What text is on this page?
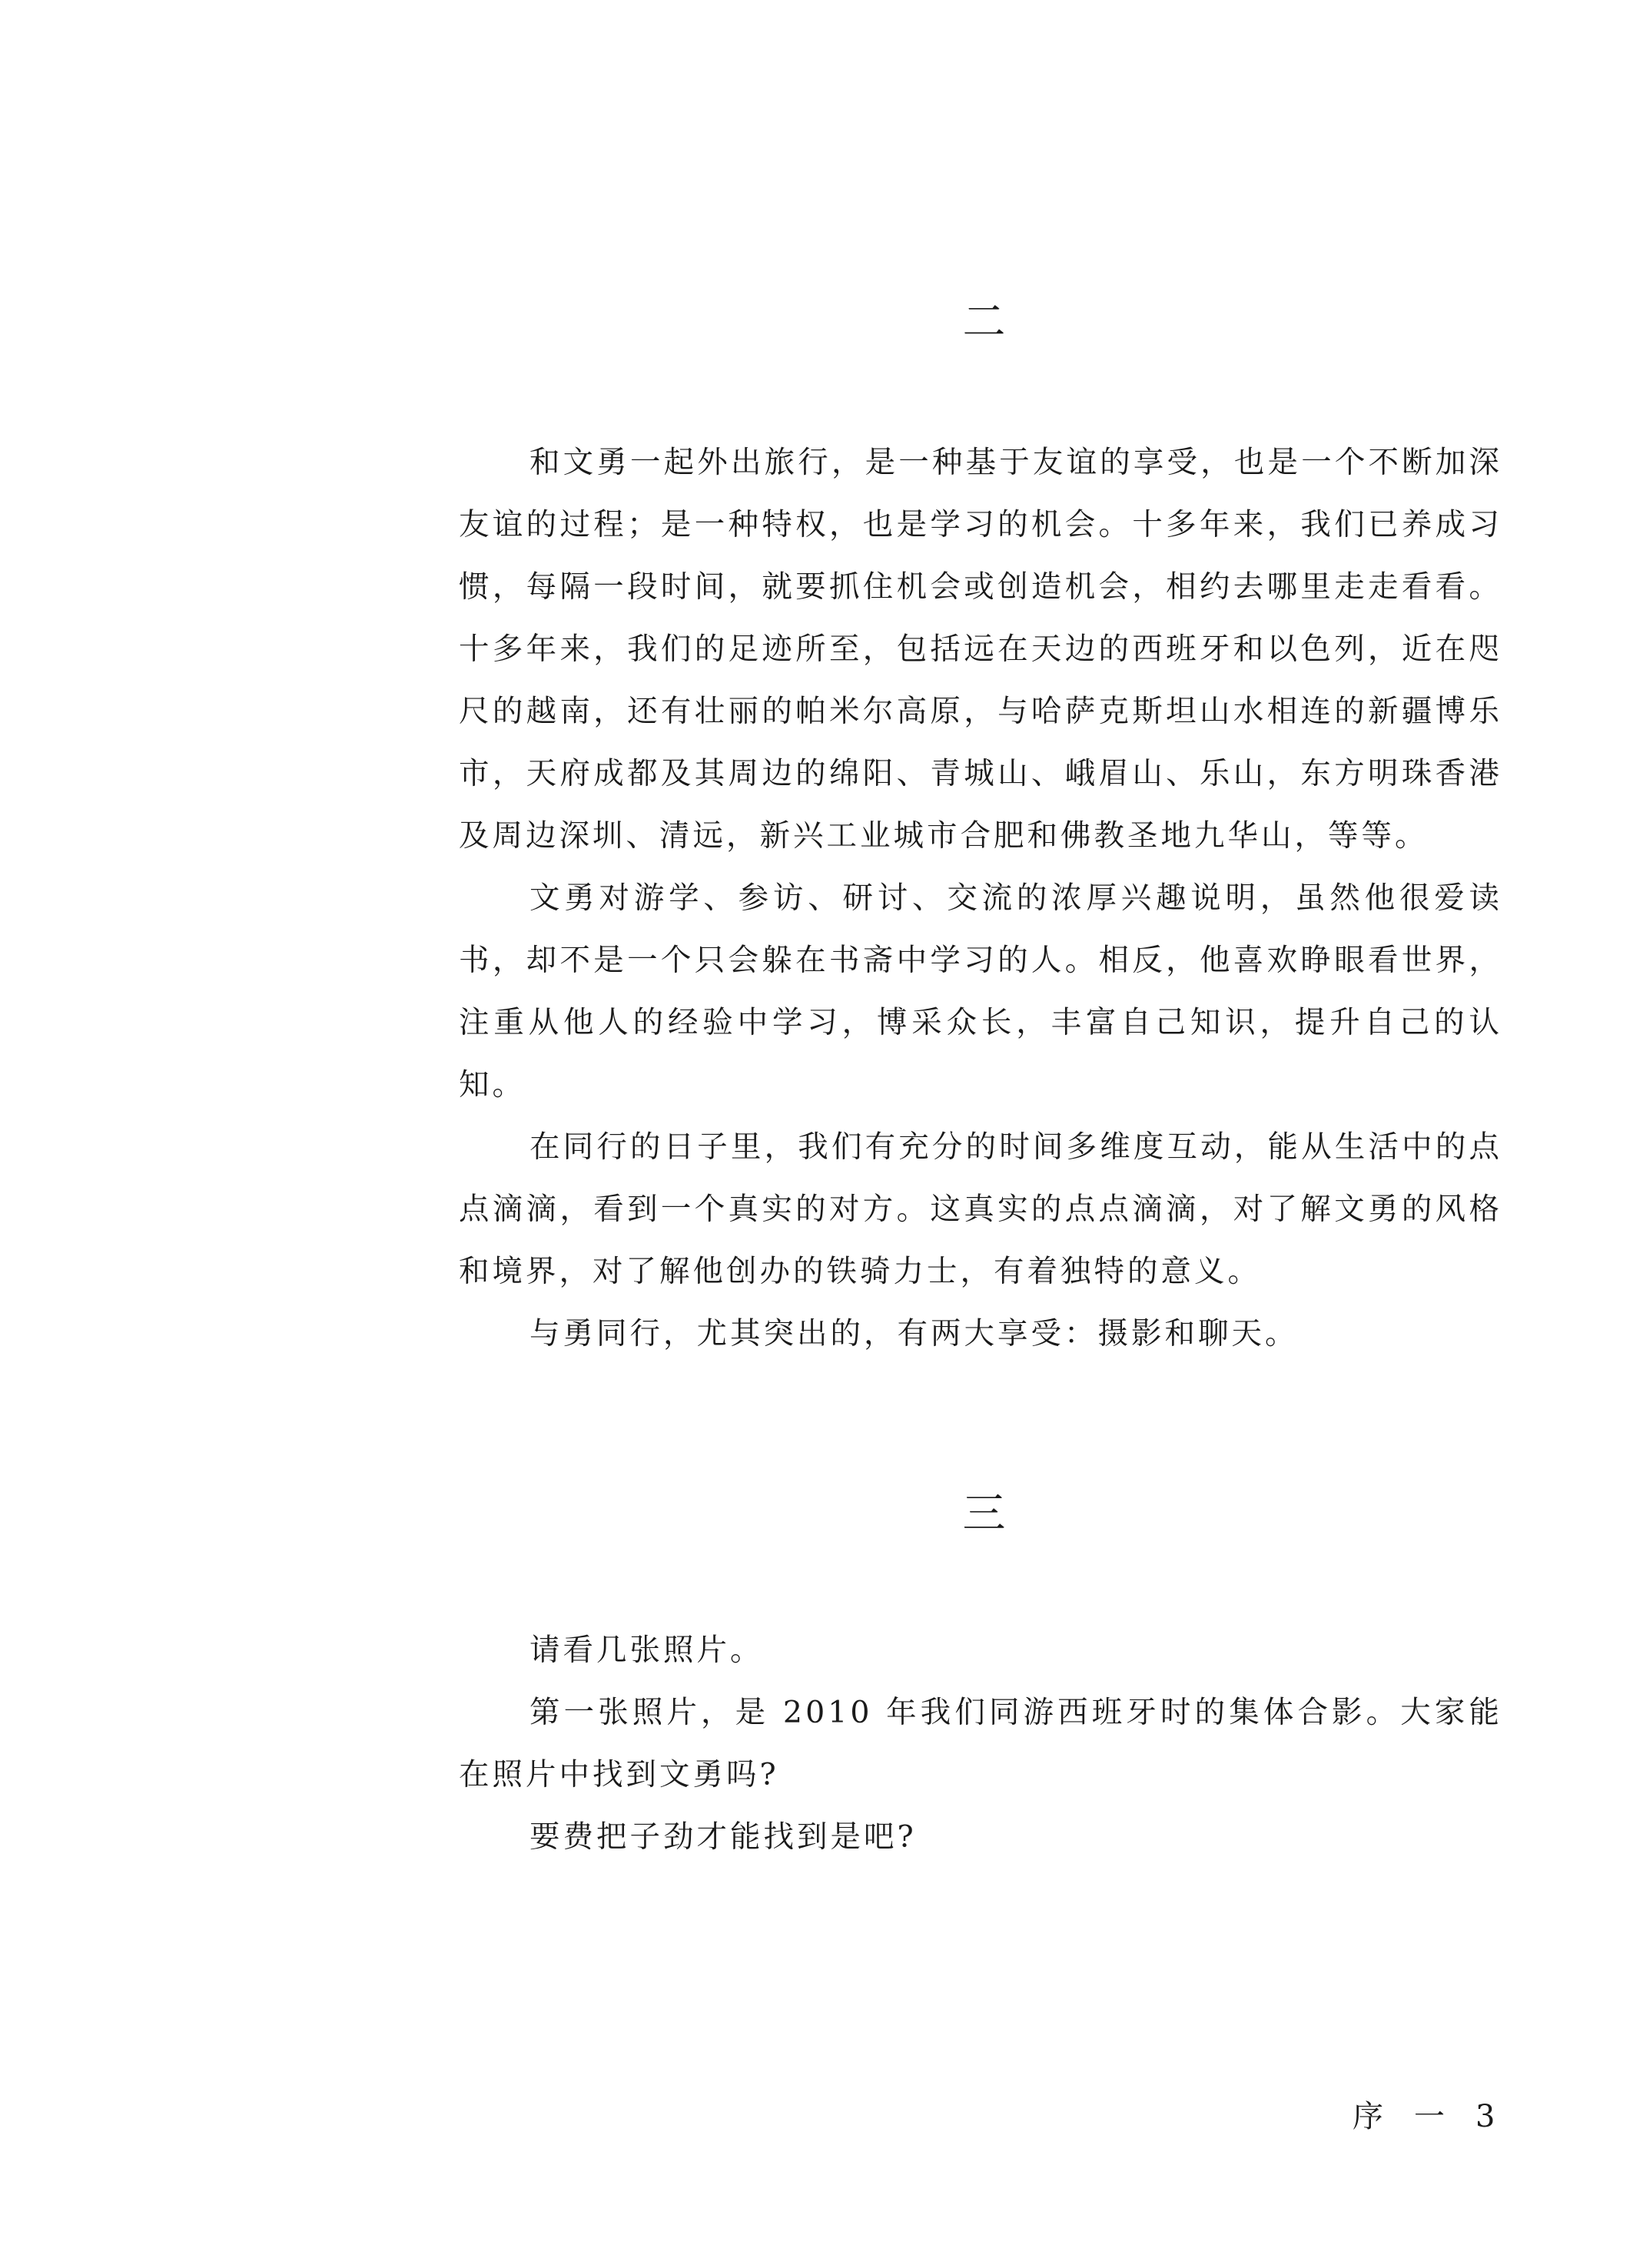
二

和文勇一起外出旅行，是一种基于友谊的享受，也是一个不断加深友谊的过程；是一种特权，也是学习的机会。十多年来，我们已养成习惯，每隔一段时间，就要抓住机会或创造机会，相约去哪里走走看看。十多年来，我们的足迹所至，包括远在天边的西班牙和以色列，近在咫尺的越南，还有壮丽的帕米尔高原，与哈萨克斯坦山水相连的新疆博乐市，天府成都及其周边的绵阳、青城山、峨眉山、乐山，东方明珠香港及周边深圳、清远，新兴工业城市合肥和佛教圣地九华山，等等。

文勇对游学、参访、研讨、交流的浓厚兴趣说明，虽然他很爱读书，却不是一个只会躲在书斋中学习的人。相反，他喜欢睁眼看世界，注重从他人的经验中学习，博采众长，丰富自己知识，提升自己的认知。

在同行的日子里，我们有充分的时间多维度互动，能从生活中的点点滴滴，看到一个真实的对方。这真实的点点滴滴，对了解文勇的风格和境界，对了解他创办的铁骑力士，有着独特的意义。

与勇同行，尤其突出的，有两大享受：摄影和聊天。

三

请看几张照片。

第一张照片，是 2010 年我们同游西班牙时的集体合影。大家能在照片中找到文勇吗?

要费把子劲才能找到是吧?

序 一 3
